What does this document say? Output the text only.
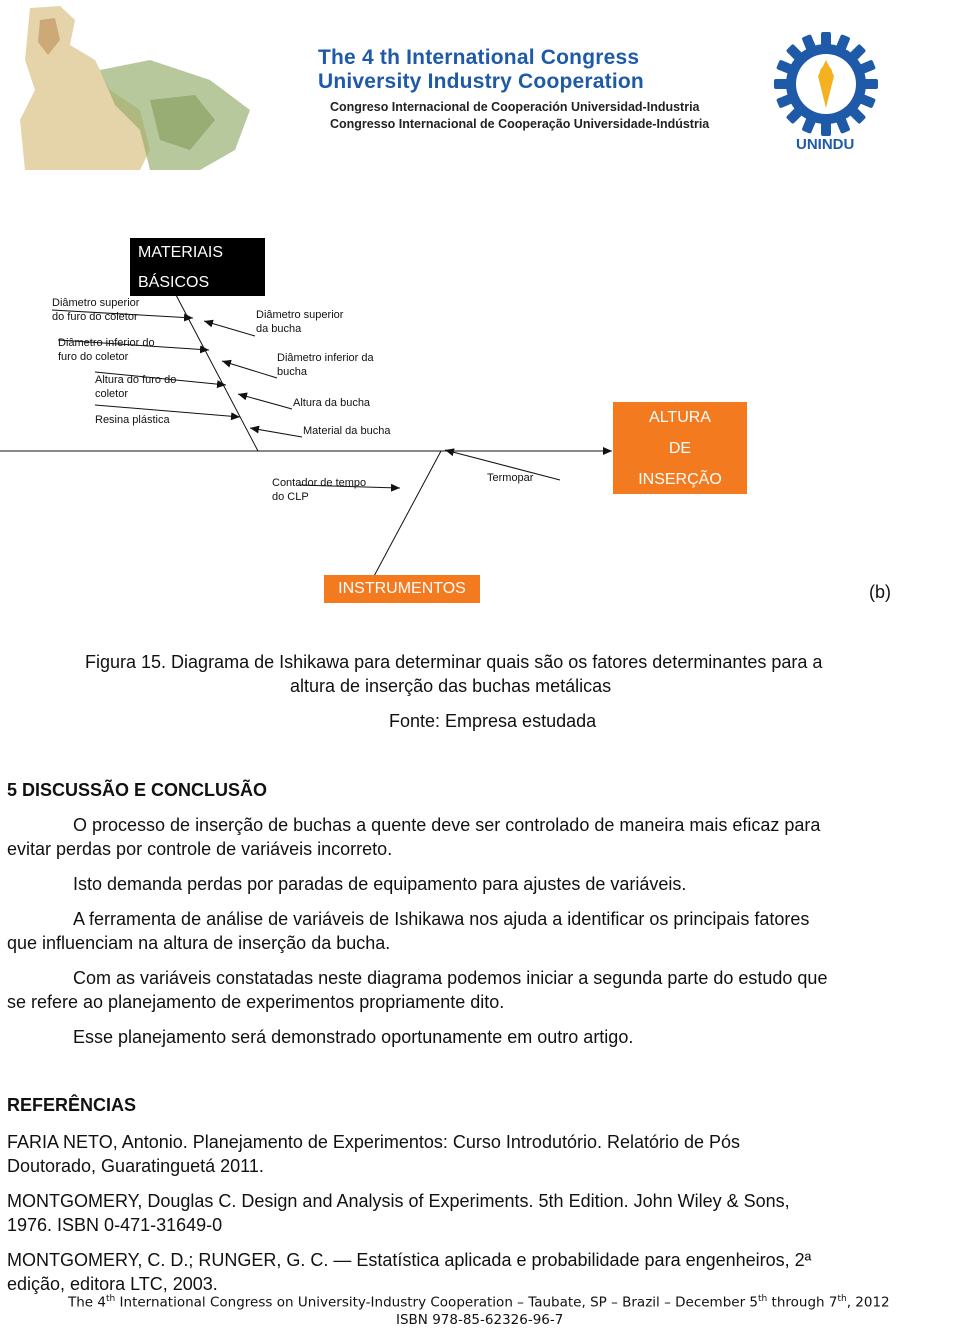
The 4 th International Congress
University Industry Cooperation
Congreso Internacional de Cooperación Universidad-Industria
Congresso Internacional de Cooperação Universidade-Indústria
UNINDU
MATERIAIS
BÁSICOS
Diâmetro superior
do furo do coletor
Diâmetro inferior do
furo do coletor
Altura do furo do
coletor
Resina plástica
Diâmetro superior
da bucha
Diâmetro inferior da
bucha
Altura da bucha
Material da bucha
Contador de tempo
do CLP
Termopar
ALTURA
DE
INSERÇÃO
INSTRUMENTOS	(b)
Figura 15. Diagrama de Ishikawa para determinar quais são os fatores determinantes para a
altura de inserção das buchas metálicas
Fonte: Empresa estudada
5 DISCUSSÃO E CONCLUSÃO
O processo de inserção de buchas a quente deve ser controlado de maneira mais eficaz para
evitar perdas por controle de variáveis incorreto.
Isto demanda perdas por paradas de equipamento para ajustes de variáveis.
A ferramenta de análise de variáveis de Ishikawa nos ajuda a identificar os principais fatores
que influenciam na altura de inserção da bucha.
Com as variáveis constatadas neste diagrama podemos iniciar a segunda parte do estudo que
se refere ao planejamento de experimentos propriamente dito.
Esse planejamento será demonstrado oportunamente em outro artigo.
REFERÊNCIAS
FARIA NETO, Antonio. Planejamento de Experimentos: Curso Introdutório. Relatório de Pós
Doutorado, Guaratinguetá 2011.
MONTGOMERY, Douglas C. Design and Analysis of Experiments. 5th Edition. John Wiley & Sons,
1976. ISBN 0-471-31649-0
MONTGOMERY, C. D.; RUNGER, G. C. — Estatística aplicada e probabilidade para engenheiros, 2ª
edição, editora LTC, 2003.
The 4th International Congress on University-Industry Cooperation – Taubate, SP – Brazil – December 5th through 7th, 2012
ISBN 978-85-62326-96-7
